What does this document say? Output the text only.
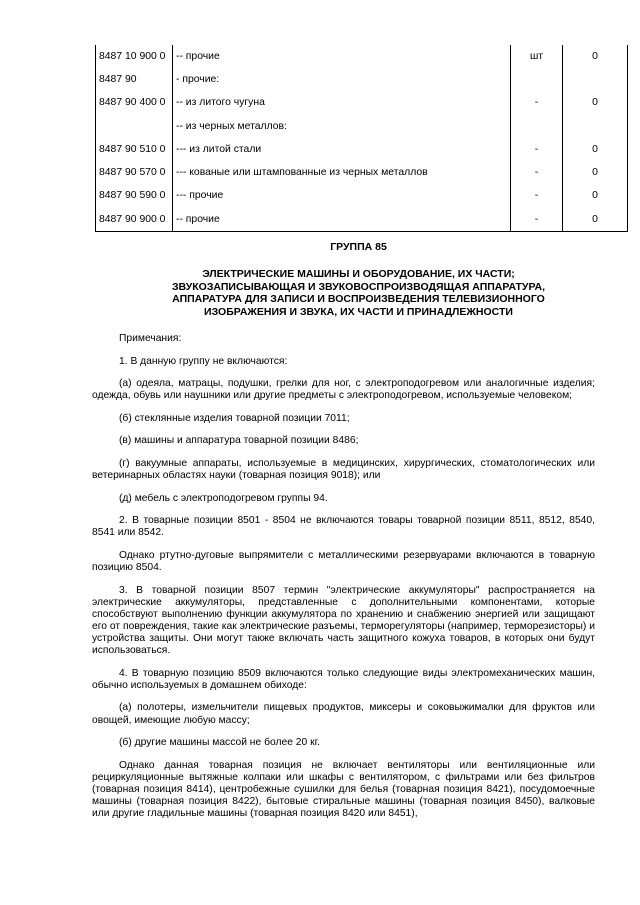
8487 10 900 0	-- прочие	шт	0
8487 90	- прочие:		
8487 90 400 0	-- из литого чугуна	-	0
	-- из черных металлов:		
8487 90 510 0	--- из литой стали	-	0
8487 90 570 0	--- кованые или штампованные из черных металлов	-	0
8487 90 590 0	--- прочие	-	0
8487 90 900 0	-- прочие	-	0
ГРУППА 85
ЭЛЕКТРИЧЕСКИЕ МАШИНЫ И ОБОРУДОВАНИЕ, ИХ ЧАСТИ;
ЗВУКОЗАПИСЫВАЮЩАЯ И ЗВУКОВОСПРОИЗВОДЯЩАЯ АППАРАТУРА,
АППАРАТУРА ДЛЯ ЗАПИСИ И ВОСПРОИЗВЕДЕНИЯ ТЕЛЕВИЗИОННОГО
ИЗОБРАЖЕНИЯ И ЗВУКА, ИХ ЧАСТИ И ПРИНАДЛЕЖНОСТИ

Примечания:

1. В данную группу не включаются:

(а) одеяла, матрацы, подушки, грелки для ног, с электроподогревом или аналогичные изделия; одежда, обувь или наушники или другие предметы с электроподогревом, используемые человеком;

(б) стеклянные изделия товарной позиции 7011;

(в) машины и аппаратура товарной позиции 8486;

(г) вакуумные аппараты, используемые в медицинских, хирургических, стоматологических или ветеринарных областях науки (товарная позиция 9018); или

(д) мебель с электроподогревом группы 94.

2. В товарные позиции 8501 - 8504 не включаются товары товарной позиции 8511, 8512, 8540, 8541 или 8542.

Однако ртутно-дуговые выпрямители с металлическими резервуарами включаются в товарную позицию 8504.

3. В товарной позиции 8507 термин "электрические аккумуляторы" распространяется на электрические аккумуляторы, представленные с дополнительными компонентами, которые способствуют выполнению функции аккумулятора по хранению и снабжению энергией или защищают его от повреждения, такие как электрические разъемы, терморегуляторы (например, терморезисторы) и устройства защиты. Они могут также включать часть защитного кожуха товаров, в которых они будут использоваться.

4. В товарную позицию 8509 включаются только следующие виды электромеханических машин, обычно используемых в домашнем обиходе:

(а) полотеры, измельчители пищевых продуктов, миксеры и соковыжималки для фруктов или овощей, имеющие любую массу;

(б) другие машины массой не более 20 кг.

Однако данная товарная позиция не включает вентиляторы или вентиляционные или рециркуляционные вытяжные колпаки или шкафы с вентилятором, с фильтрами или без фильтров (товарная позиция 8414), центробежные сушилки для белья (товарная позиция 8421), посудомоечные машины (товарная позиция 8422), бытовые стиральные машины (товарная позиция 8450), валковые или другие гладильные машины (товарная позиция 8420 или 8451),
